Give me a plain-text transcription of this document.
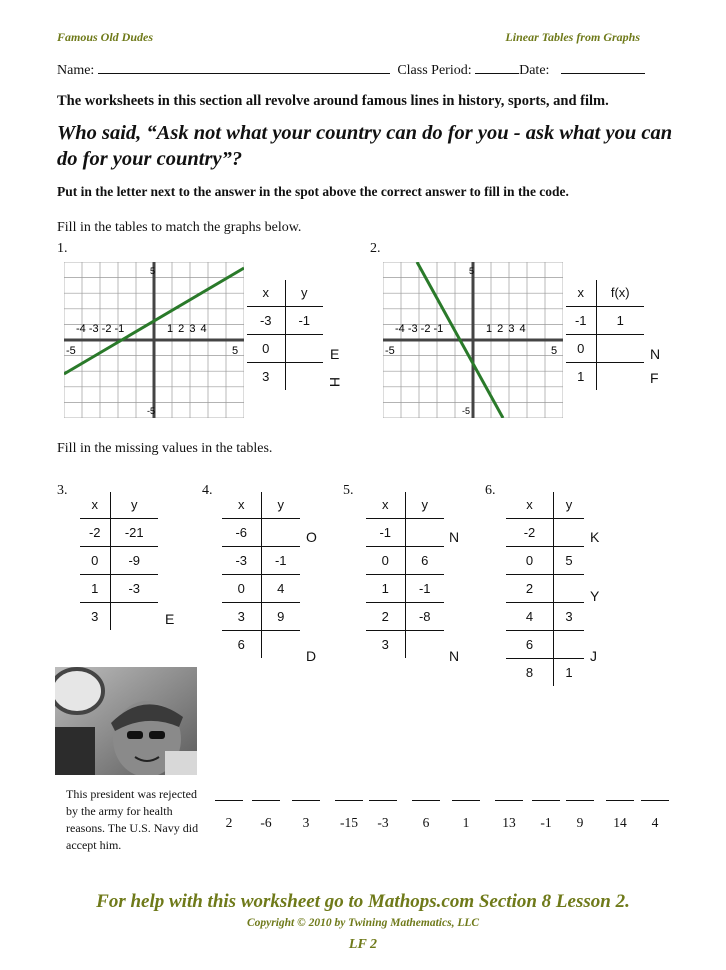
Famous Old Dudes	Linear Tables from Graphs
Name:	Class Period:	Date:
The worksheets in this section all revolve around famous lines in history, sports, and film.
Who said, “Ask not what your country can do for you - ask what you can do for your country”?
Put in the letter next to the answer in the spot above the correct answer to fill in the code.
Fill in the tables to match the graphs below.
1.
-4 -3 -2 -1	1 2 3 4
-5	5
5
-5
x	y
-3	-1
0	
3	
E
H
2.
-4 -3 -2 -1	1 2 3 4
-5	5
5
-5
x	f(x)
-1	1
0	
1	
N
F
Fill in the missing values in the tables.
3.
x	y
-2	-21
0	-9
1	-3
3		E
4.
x	y
-6	
-3	-1
0	4
3	9
6	
O
D
5.
x	y
-1	
0	6
1	-1
2	-8
3	
N
N
6.
x	y
-2	
0	5
2	
4	3
6	
8	1
K
Y
J
This president was rejected by the army for health reasons. The U.S. Navy did accept him.
2	-6	3	-15	-3	6	1	13	-1	9	14	4
For help with this worksheet go to Mathops.com Section 8 Lesson 2.
Copyright © 2010 by Twining Mathematics, LLC
LF 2
